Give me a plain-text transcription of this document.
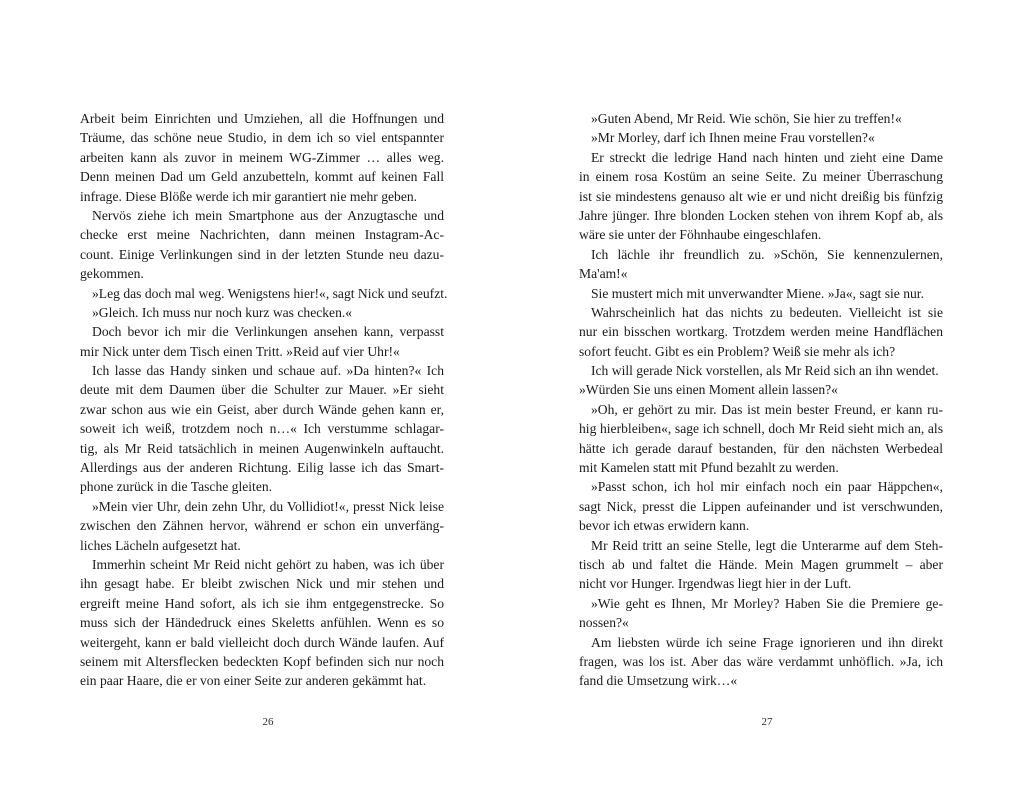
Arbeit beim Einrichten und Umziehen, all die Hoffnungen und
Träume, das schöne neue Studio, in dem ich so viel entspannter
arbeiten kann als zuvor in meinem WG-Zimmer … alles weg.
Denn meinen Dad um Geld anzubetteln, kommt auf keinen Fall
infrage. Diese Blöße werde ich mir garantiert nie mehr geben.
Nervös ziehe ich mein Smartphone aus der Anzugtasche und
checke erst meine Nachrichten, dann meinen Instagram-Ac-
count. Einige Verlinkungen sind in der letzten Stunde neu dazu-
gekommen.
»Leg das doch mal weg. Wenigstens hier!«, sagt Nick und seufzt.
»Gleich. Ich muss nur noch kurz was checken.«
Doch bevor ich mir die Verlinkungen ansehen kann, verpasst
mir Nick unter dem Tisch einen Tritt. »Reid auf vier Uhr!«
Ich lasse das Handy sinken und schaue auf. »Da hinten?« Ich
deute mit dem Daumen über die Schulter zur Mauer. »Er sieht
zwar schon aus wie ein Geist, aber durch Wände gehen kann er,
soweit ich weiß, trotzdem noch n…« Ich verstumme schlagar-
tig, als Mr Reid tatsächlich in meinen Augenwinkeln auftaucht.
Allerdings aus der anderen Richtung. Eilig lasse ich das Smart-
phone zurück in die Tasche gleiten.
»Mein vier Uhr, dein zehn Uhr, du Vollidiot!«, presst Nick leise
zwischen den Zähnen hervor, während er schon ein unverfäng-
liches Lächeln aufgesetzt hat.
Immerhin scheint Mr Reid nicht gehört zu haben, was ich über
ihn gesagt habe. Er bleibt zwischen Nick und mir stehen und
ergreift meine Hand sofort, als ich sie ihm entgegenstrecke. So
muss sich der Händedruck eines Skeletts anfühlen. Wenn es so
weitergeht, kann er bald vielleicht doch durch Wände laufen. Auf
seinem mit Altersflecken bedeckten Kopf befinden sich nur noch
ein paar Haare, die er von einer Seite zur anderen gekämmt hat.
»Guten Abend, Mr Reid. Wie schön, Sie hier zu treffen!«
»Mr Morley, darf ich Ihnen meine Frau vorstellen?«
Er streckt die ledrige Hand nach hinten und zieht eine Dame
in einem rosa Kostüm an seine Seite. Zu meiner Überraschung
ist sie mindestens genauso alt wie er und nicht dreißig bis fünfzig
Jahre jünger. Ihre blonden Locken stehen von ihrem Kopf ab, als
wäre sie unter der Föhnhaube eingeschlafen.
Ich lächle ihr freundlich zu. »Schön, Sie kennenzulernen,
Ma'am!«
Sie mustert mich mit unverwandter Miene. »Ja«, sagt sie nur.
Wahrscheinlich hat das nichts zu bedeuten. Vielleicht ist sie
nur ein bisschen wortkarg. Trotzdem werden meine Handflächen
sofort feucht. Gibt es ein Problem? Weiß sie mehr als ich?
Ich will gerade Nick vorstellen, als Mr Reid sich an ihn wendet.
»Würden Sie uns einen Moment allein lassen?«
»Oh, er gehört zu mir. Das ist mein bester Freund, er kann ru-
hig hierbleiben«, sage ich schnell, doch Mr Reid sieht mich an, als
hätte ich gerade darauf bestanden, für den nächsten Werbedeal
mit Kamelen statt mit Pfund bezahlt zu werden.
»Passt schon, ich hol mir einfach noch ein paar Häppchen«,
sagt Nick, presst die Lippen aufeinander und ist verschwunden,
bevor ich etwas erwidern kann.
Mr Reid tritt an seine Stelle, legt die Unterarme auf dem Steh-
tisch ab und faltet die Hände. Mein Magen grummelt – aber
nicht vor Hunger. Irgendwas liegt hier in der Luft.
»Wie geht es Ihnen, Mr Morley? Haben Sie die Premiere ge-
nossen?«
Am liebsten würde ich seine Frage ignorieren und ihn direkt
fragen, was los ist. Aber das wäre verdammt unhöflich. »Ja, ich
fand die Umsetzung wirk…«
26	27
